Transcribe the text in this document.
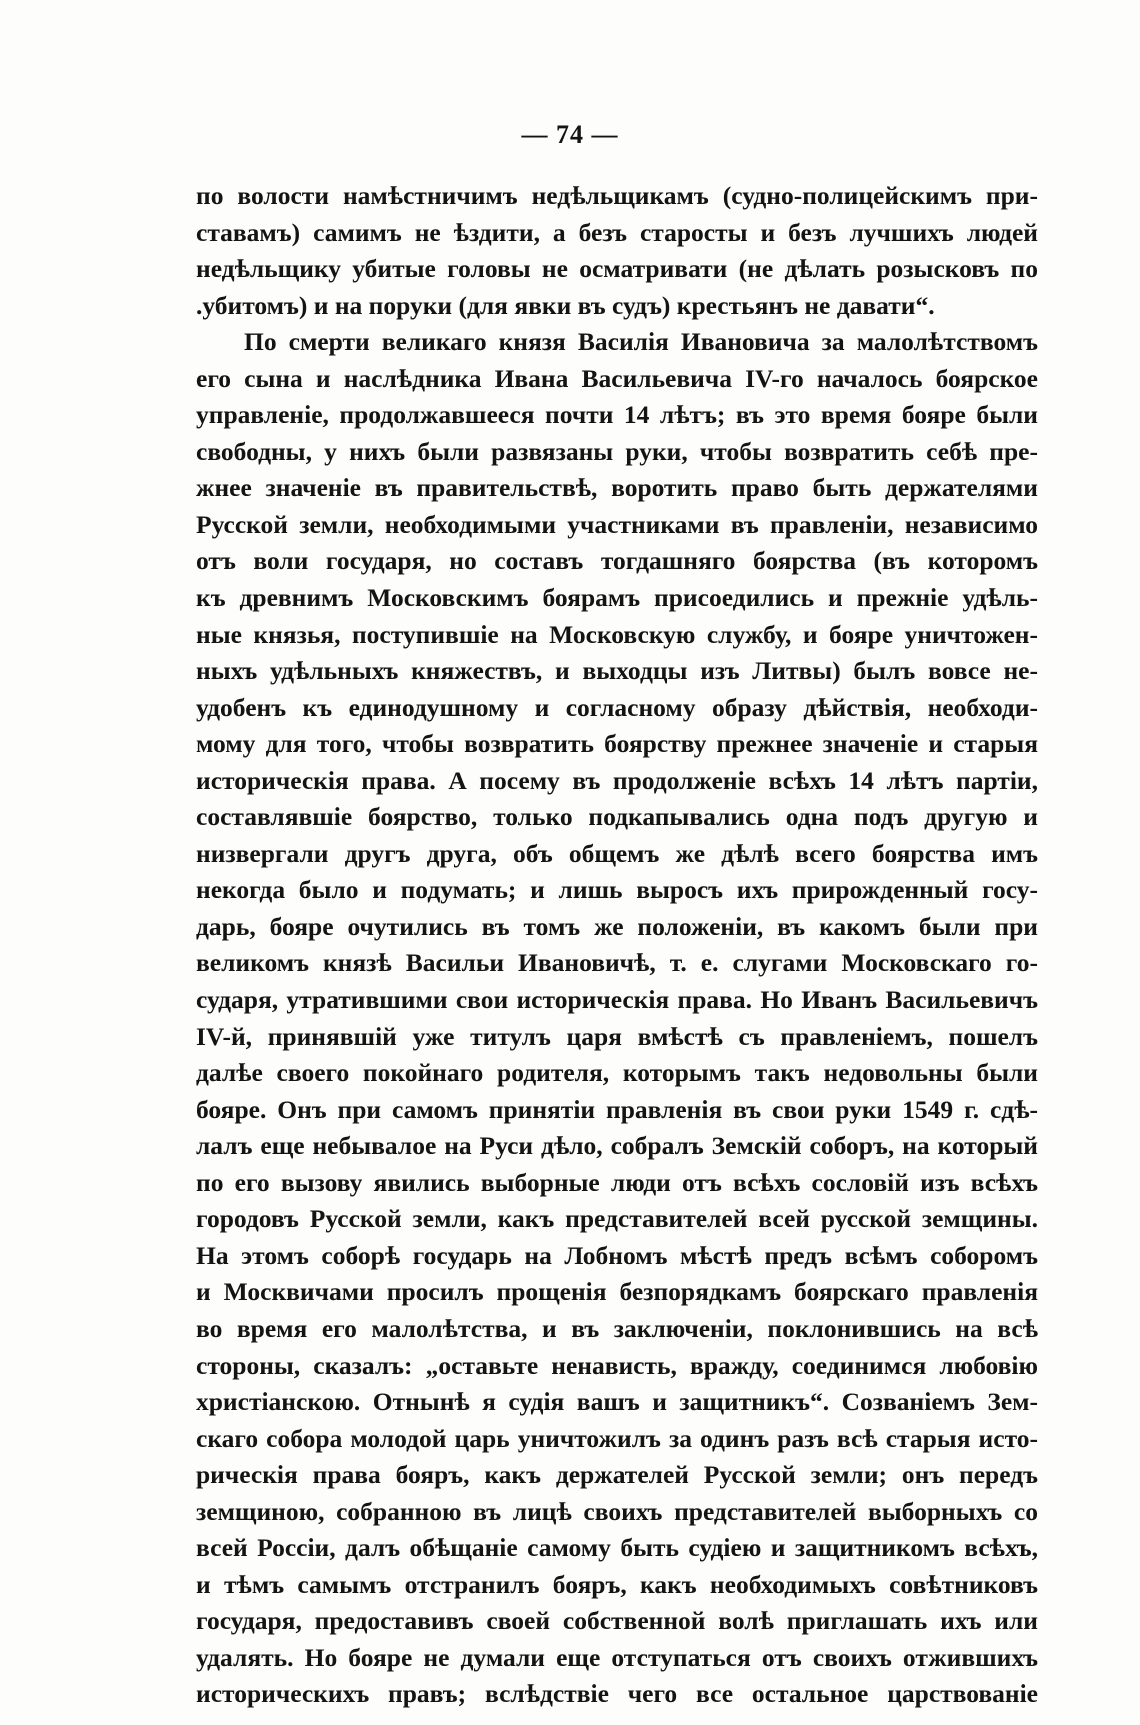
— 74 —
по волости намѣстничимъ недѣльщикамъ (судно-полицейскимъ при-
ставамъ) самимъ не ѣздити, а безъ старосты и безъ лучшихъ людей
недѣльщику убитые головы не осматривати (не дѣлать розысковъ по
.убитомъ) и на поруки (для явки въ судъ) крестьянъ не давати“.
По смерти великаго князя Василія Ивановича за малолѣтствомъ
его сына и наслѣдника Ивана Васильевича IV-го началось боярское
управленіе, продолжавшееся почти 14 лѣтъ; въ это время бояре были
свободны, у нихъ были развязаны руки, чтобы возвратить себѣ пре-
жнее значеніе въ правительствѣ, воротить право быть держателями
Русской земли, необходимыми участниками въ правленіи, независимо
отъ воли государя, но составъ тогдашняго боярства (въ которомъ
къ древнимъ Московскимъ боярамъ присоедились и прежніе удѣль-
ные князья, поступившіе на Московскую службу, и бояре уничтожен-
ныхъ удѣльныхъ княжествъ, и выходцы изъ Литвы) былъ вовсе не-
удобенъ къ единодушному и согласному образу дѣйствія, необходи-
мому для того, чтобы возвратить боярству прежнее значеніе и старыя
историческія права. А посему въ продолженіе всѣхъ 14 лѣтъ партіи,
составлявшіе боярство, только подкапывались одна подъ другую и
низвергали другъ друга, объ общемъ же дѣлѣ всего боярства имъ
некогда было и подумать; и лишь выросъ ихъ прирожденный госу-
дарь, бояре очутились въ томъ же положеніи, въ какомъ были при
великомъ князѣ Васильи Ивановичѣ, т. е. слугами Московскаго го-
сударя, утратившими свои историческія права. Но Иванъ Васильевичъ
IV-й, принявшій уже титулъ царя вмѣстѣ съ правленіемъ, пошелъ
далѣе своего покойнаго родителя, которымъ такъ недовольны были
бояре. Онъ при самомъ принятіи правленія въ свои руки 1549 г. сдѣ-
лалъ еще небывалое на Руси дѣло, собралъ Земскій соборъ, на который
по его вызову явились выборные люди отъ всѣхъ сословій изъ всѣхъ
городовъ Русской земли, какъ представителей всей русской земщины.
На этомъ соборѣ государь на Лобномъ мѣстѣ предъ всѣмъ соборомъ
и Москвичами просилъ прощенія безпорядкамъ боярскаго правленія
во время его малолѣтства, и въ заключеніи, поклонившись на всѣ
стороны, сказалъ: „оставьте ненависть, вражду, соединимся любовію
христіанскою. Отнынѣ я судія вашъ и защитникъ“. Созваніемъ Зем-
скаго собора молодой царь уничтожилъ за одинъ разъ всѣ старыя исто-
рическія права бояръ, какъ держателей Русской земли; онъ передъ
земщиною, собранною въ лицѣ своихъ представителей выборныхъ со
всей Россіи, далъ обѣщаніе самому быть судіею и защитникомъ всѣхъ,
и тѣмъ самымъ отстранилъ бояръ, какъ необходимыхъ совѣтниковъ
государя, предоставивъ своей собственной волѣ приглашать ихъ или
удалять. Но бояре не думали еще отступаться отъ своихъ отжившихъ
историческихъ правъ; вслѣдствіе чего все остальное царствованіе
